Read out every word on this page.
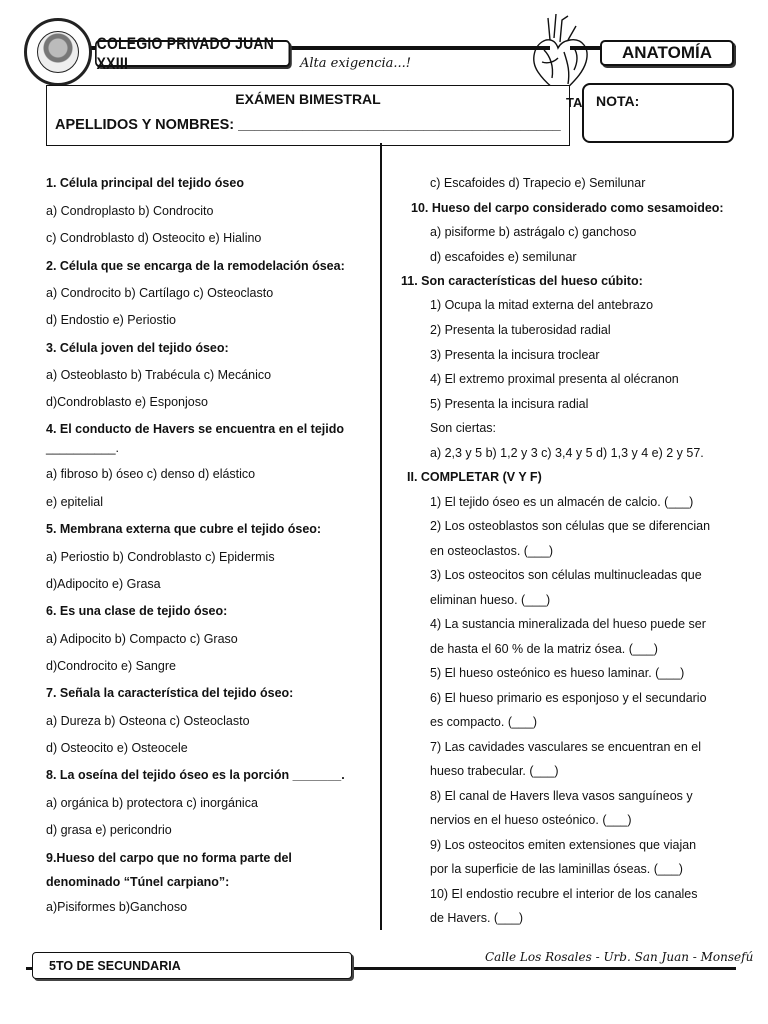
COLEGIO PRIVADO JUAN XXIII	Alta exigencia...!
ANATOMÍA
EXÁMEN BIMESTRAL
APELLIDOS Y NOMBRES: ________________________________________
TA NOTA:
1. Célula principal del tejido óseo
a) Condroplasto b) Condrocito
c) Condroblasto d) Osteocito e) Hialino
2. Célula que se encarga de la remodelación ósea:
a) Condrocito b) Cartílago c) Osteoclasto
d) Endostio e) Periostio
3. Célula joven del tejido óseo:
a) Osteoblasto b) Trabécula c) Mecánico
d)Condroblasto e) Esponjoso
4. El conducto de Havers se encuentra en el tejido
__________.
a) fibroso b) óseo c) denso d) elástico
e) epitelial
5. Membrana externa que cubre el tejido óseo:
a) Periostio b) Condroblasto c) Epidermis
d)Adipocito e) Grasa
6. Es una clase de tejido óseo:
a) Adipocito b) Compacto c) Graso
d)Condrocito e) Sangre
7. Señala la característica del tejido óseo:
a) Dureza b) Osteona c) Osteoclasto
d) Osteocito e) Osteocele
8. La oseína del tejido óseo es la porción _______.
a) orgánica b) protectora c) inorgánica
d) grasa e) pericondrio
9.Hueso del carpo que no forma parte del
denominado “Túnel carpiano”:
a)Pisiformes b)Ganchoso
c) Escafoides d) Trapecio e) Semilunar
10. Hueso del carpo considerado como sesamoideo:
a) pisiforme b) astrágalo c) ganchoso
d) escafoides e) semilunar
11. Son características del hueso cúbito:
1) Ocupa la mitad externa del antebrazo
2) Presenta la tuberosidad radial
3) Presenta la incisura troclear
4) El extremo proximal presenta al olécranon
5) Presenta la incisura radial
Son ciertas:
a) 2,3 y 5 b) 1,2 y 3 c) 3,4 y 5 d) 1,3 y 4 e) 2 y 57.
II. COMPLETAR (V Y F)
1) El tejido óseo es un almacén de calcio. (___)
2) Los osteoblastos son células que se diferencian
en osteoclastos. (___)
3) Los osteocitos son células multinucleadas que
eliminan hueso. (___)
4) La sustancia mineralizada del hueso puede ser
de hasta el 60 % de la matriz ósea. (___)
5) El hueso osteónico es hueso laminar. (___)
6) El hueso primario es esponjoso y el secundario
es compacto. (___)
7) Las cavidades vasculares se encuentran en el
hueso trabecular. (___)
8) El canal de Havers lleva vasos sanguíneos y
nervios en el hueso osteónico. (___)
9) Los osteocitos emiten extensiones que viajan
por la superficie de las laminillas óseas. (___)
10) El endostio recubre el interior de los canales
de Havers. (___)
5TO DE SECUNDARIA
Calle Los Rosales - Urb. San Juan - Monsefú
